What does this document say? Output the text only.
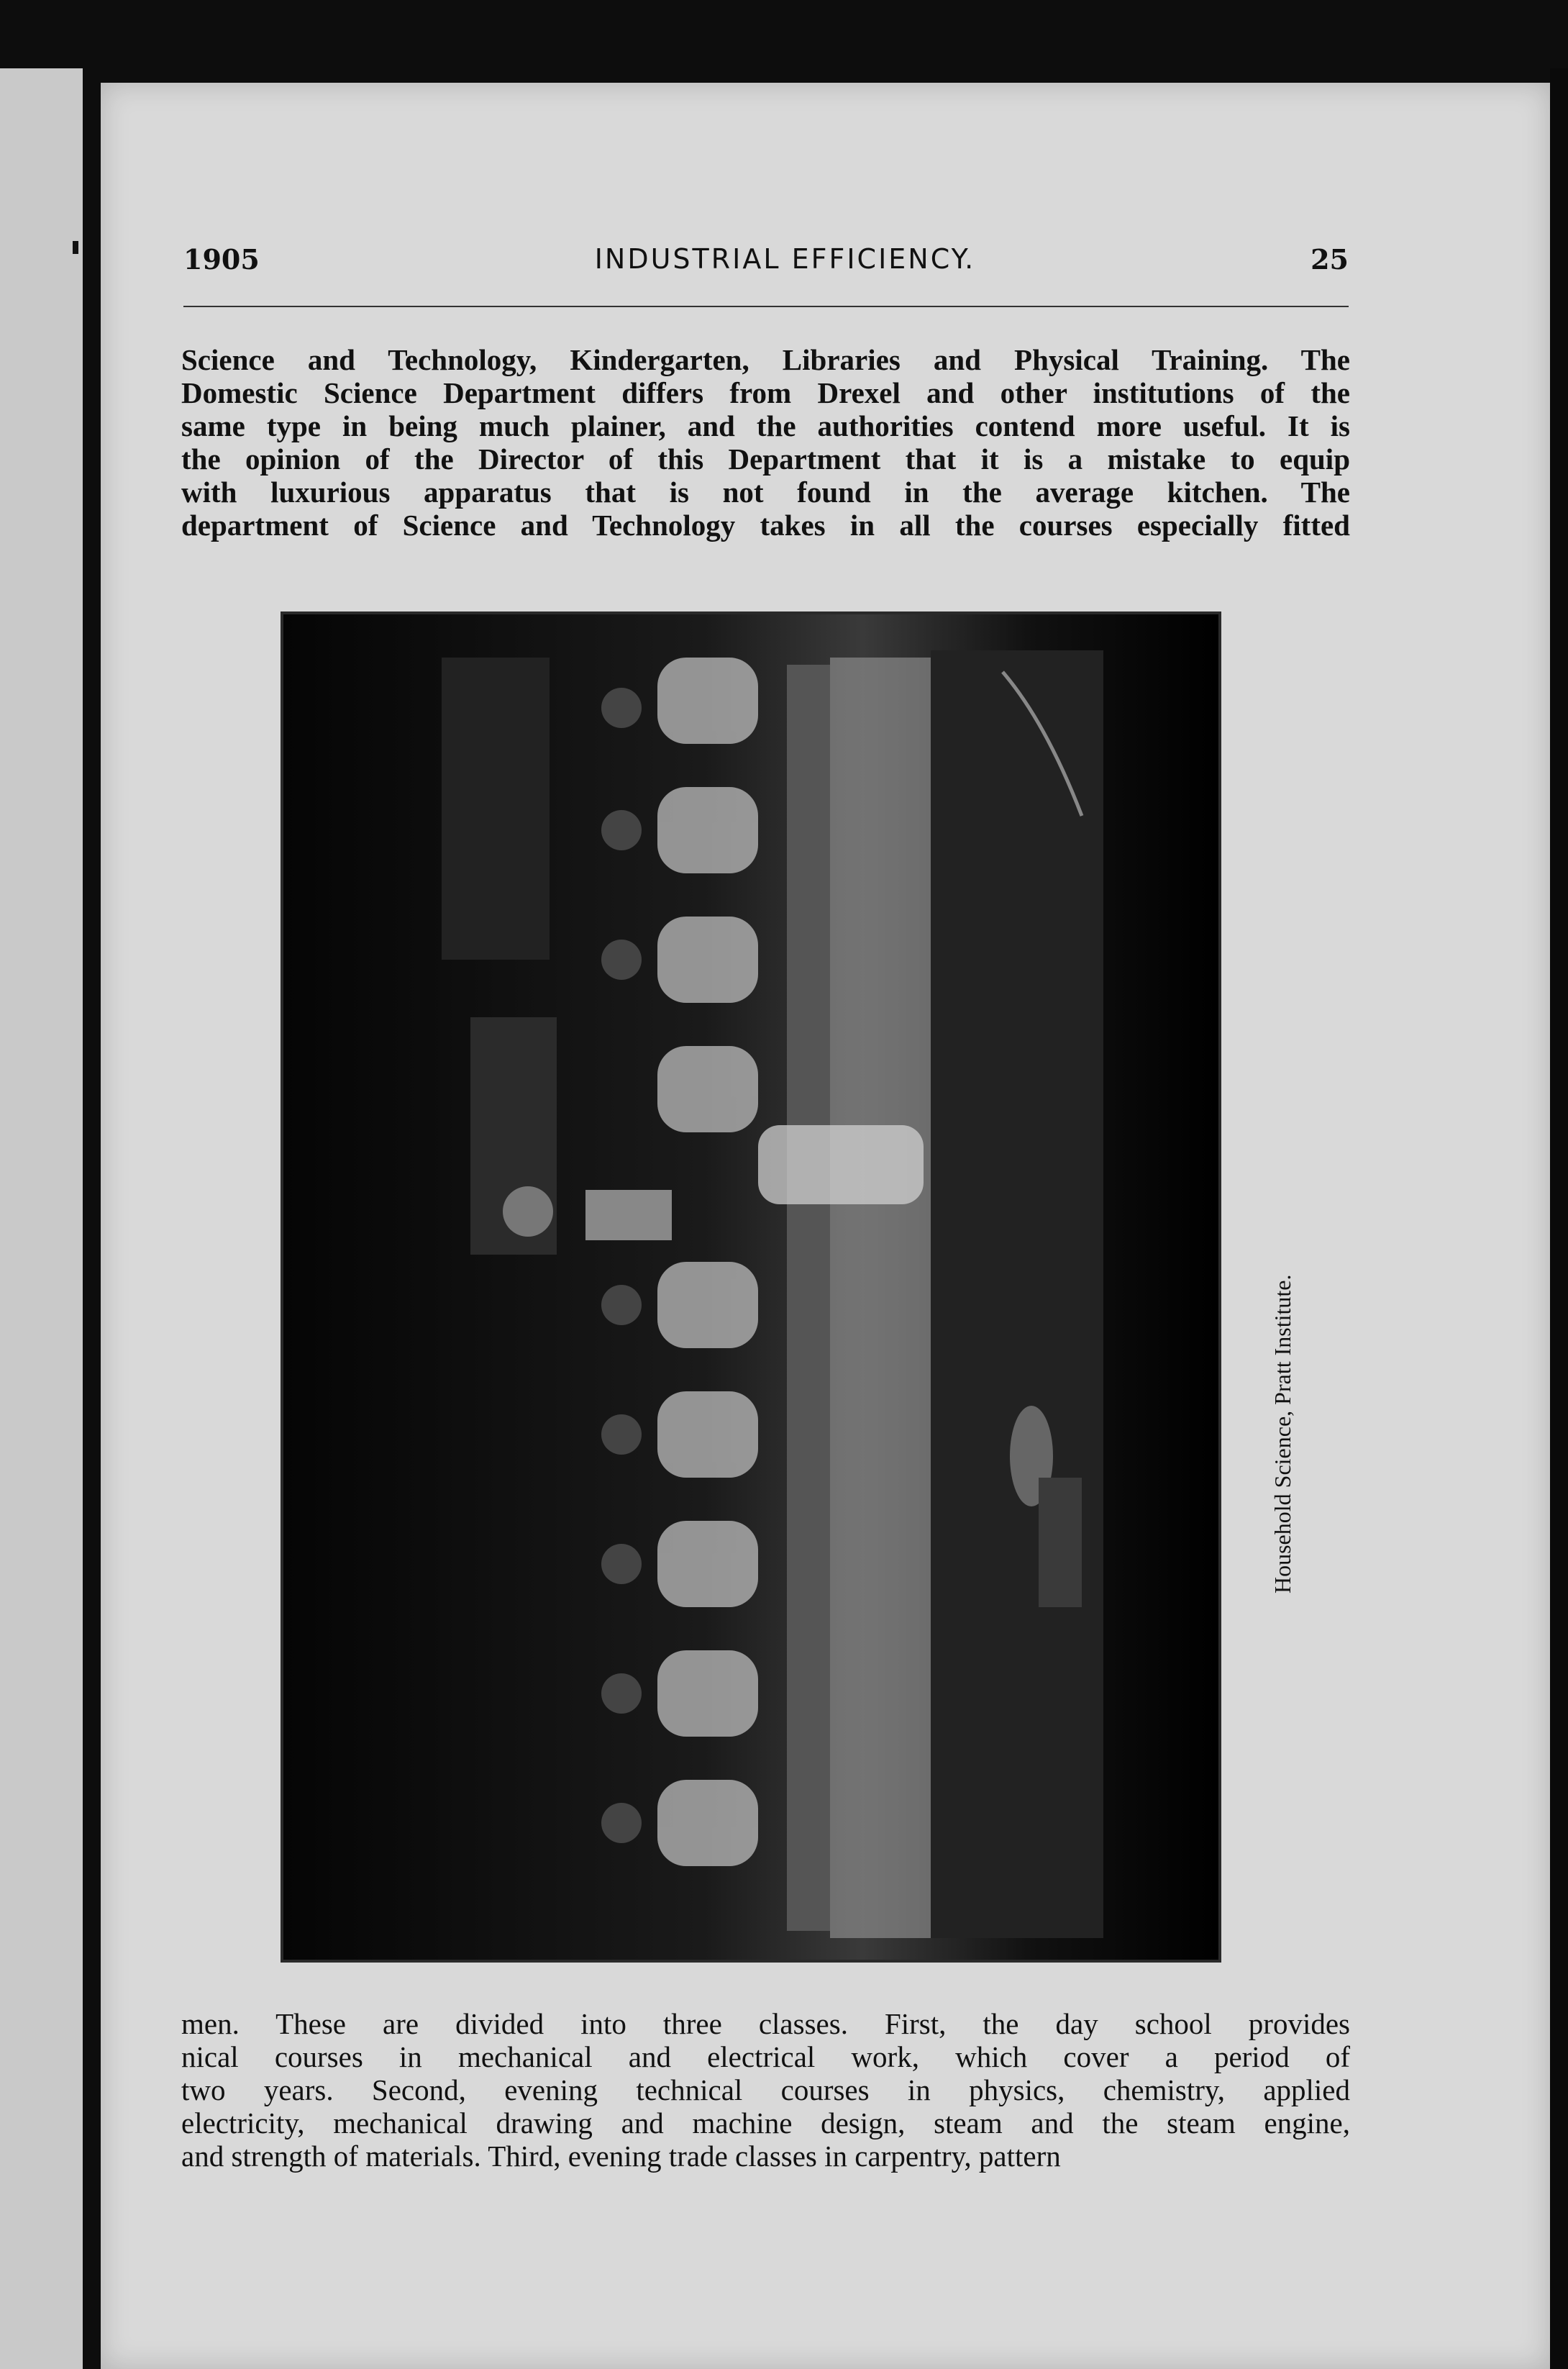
1905	INDUSTRIAL EFFICIENCY.	25
Science and Technology, Kindergarten, Libraries and Physical Training. The
Domestic Science Department differs from Drexel and other institutions of the
same type in being much plainer, and the authorities contend more useful. It is
the opinion of the Director of this Department that it is a mistake to equip
with luxurious apparatus that is not found in the average kitchen. The
department of Science and Technology takes in all the courses especially fitted
Household Science, Pratt Institute.
men. These are divided into three classes. First, the day school provides
nical courses in mechanical and electrical work, which cover a period of
two years. Second, evening technical courses in physics, chemistry, applied
electricity, mechanical drawing and machine design, steam and the steam engine,
and strength of materials. Third, evening trade classes in carpentry, pattern
